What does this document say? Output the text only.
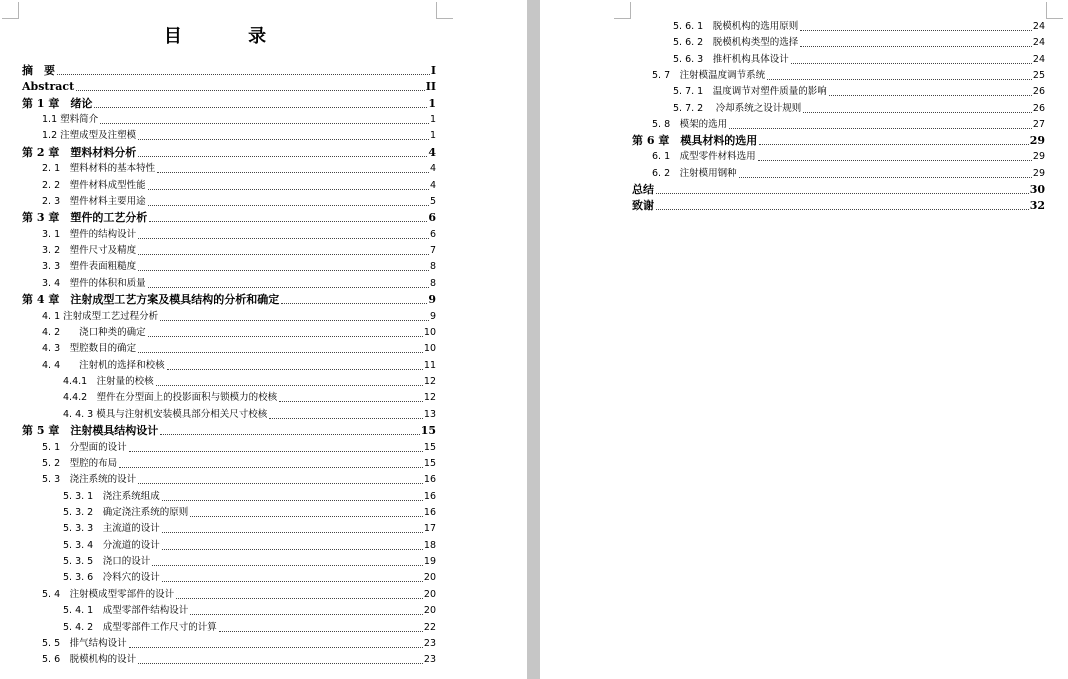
目 录
摘　要	I
Abstract	II
第 1 章　绪论	1
1.1 塑料简介	1
1.2 注塑成型及注塑模	1
第 2 章　塑料材料分析	4
2. 1　塑料材料的基本特性	4
2. 2　塑件材料成型性能	4
2. 3　塑件材料主要用途	5
第 3 章　塑件的工艺分析	6
3. 1　塑件的结构设计	6
3. 2　塑件尺寸及精度	7
3. 3　塑件表面粗糙度	8
3. 4　塑件的体积和质量	8
第 4 章　注射成型工艺方案及模具结构的分析和确定	9
4. 1 注射成型工艺过程分析	9
4. 2　　浇口种类的确定	10
4. 3　型腔数目的确定	10
4. 4　　注射机的选择和校核	11
4.4.1　注射量的校核	12
4.4.2　塑件在分型面上的投影面积与锁模力的校核	12
4. 4. 3 模具与注射机安装模具部分相关尺寸校核	13
第 5 章　注射模具结构设计	15
5. 1　分型面的设计	15
5. 2　型腔的布局	15
5. 3　浇注系统的设计	16
5. 3. 1　浇注系统组成	16
5. 3. 2　确定浇注系统的原则	16
5. 3. 3　主流道的设计	17
5. 3. 4　分流道的设计	18
5. 3. 5　浇口的设计	19
5. 3. 6　冷料穴的设计	20
5. 4　注射模成型零部件的设计	20
5. 4. 1　成型零部件结构设计	20
5. 4. 2　成型零部件工作尺寸的计算	22
5. 5　排气结构设计	23
5. 6　脱模机构的设计	23
5. 6. 1　脱模机构的选用原则	24
5. 6. 2　脱模机构类型的选择	24
5. 6. 3　推杆机构具体设计	24
5. 7　注射模温度调节系统	25
5. 7. 1　温度调节对塑件质量的影响	26
5. 7. 2　 冷却系统之设计规则	26
5. 8　模架的选用	27
第 6 章　模具材料的选用	29
6. 1　成型零件材料选用	29
6. 2　注射模用钢种	29
总结	30
致谢	32
